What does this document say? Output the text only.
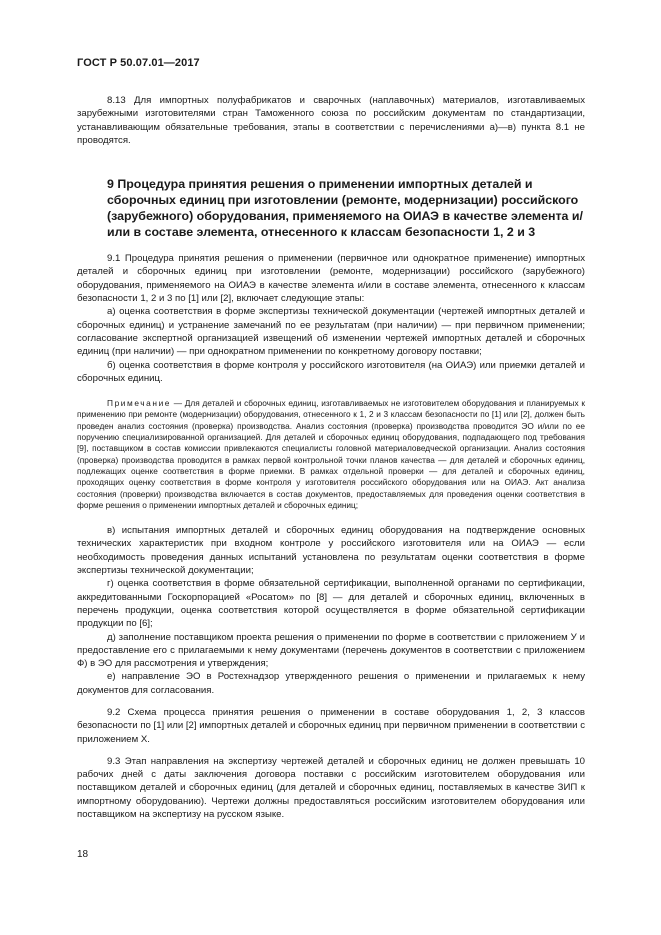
ГОСТ Р 50.07.01—2017

8.13 Для импортных полуфабрикатов и сварочных (наплавочных) материалов, изготавливаемых зарубежными изготовителями стран Таможенного союза по российским документам по стандартизации, устанавливающим обязательные требования, этапы в соответствии с перечислениями а)—в) пункта 8.1 не проводятся.

9 Процедура принятия решения о применении импортных деталей и сборочных единиц при изготовлении (ремонте, модернизации) российского (зарубежного) оборудования, применяемого на ОИАЭ в качестве элемента и/или в составе элемента, отнесенного к классам безопасности 1, 2 и 3

9.1 Процедура принятия решения о применении (первичное или однократное применение) импортных деталей и сборочных единиц при изготовлении (ремонте, модернизации) российского (зарубежного) оборудования, применяемого на ОИАЭ в качестве элемента и/или в составе элемента, отнесенного к классам безопасности 1, 2 и 3 по [1] или [2], включает следующие этапы:

а) оценка соответствия в форме экспертизы технической документации (чертежей импортных деталей и сборочных единиц) и устранение замечаний по ее результатам (при наличии) — при первичном применении; согласование экспертной организацией извещений об изменении чертежей импортных деталей и сборочных единиц (при наличии) — при однократном применении по конкретному договору поставки;

б) оценка соответствия в форме контроля у российского изготовителя (на ОИАЭ) или приемки деталей и сборочных единиц.

Примечание — Для деталей и сборочных единиц, изготавливаемых не изготовителем оборудования и планируемых к применению при ремонте (модернизации) оборудования, отнесенного к 1, 2 и 3 классам безопасности по [1] или [2], должен быть проведен анализ состояния (проверка) производства. Анализ состояния (проверка) производства проводится ЭО и/или по ее поручению специализированной организацией. Для деталей и сборочных единиц оборудования, подпадающего под требования [9], поставщиком в состав комиссии привлекаются специалисты головной материаловедческой организации. Анализ состояния (проверка) производства проводится в рамках первой контрольной точки планов качества — для деталей и сборочных единиц, подлежащих оценке соответствия в форме приемки. В рамках отдельной проверки — для деталей и сборочных единиц, проходящих оценку соответствия в форме контроля у изготовителя российского оборудования или на ОИАЭ. Акт анализа состояния (проверки) производства включается в состав документов, предоставляемых для проведения оценки соответствия в форме решения о применении импортных деталей и сборочных единиц;

в) испытания импортных деталей и сборочных единиц оборудования на подтверждение основных технических характеристик при входном контроле у российского изготовителя или на ОИАЭ — если необходимость проведения данных испытаний установлена по результатам оценки соответствия в форме экспертизы технической документации;

г) оценка соответствия в форме обязательной сертификации, выполненной органами по сертификации, аккредитованными Госкорпорацией «Росатом» по [8] — для деталей и сборочных единиц, включенных в перечень продукции, оценка соответствия которой осуществляется в форме обязательной сертификации продукции по [6];

д) заполнение поставщиком проекта решения о применении по форме в соответствии с приложением У и предоставление его с прилагаемыми к нему документами (перечень документов в соответствии с приложением Ф) в ЭО для рассмотрения и утверждения;

е) направление ЭО в Ростехнадзор утвержденного решения о применении и прилагаемых к нему документов для согласования.

9.2 Схема процесса принятия решения о применении в составе оборудования 1, 2, 3 классов безопасности по [1] или [2] импортных деталей и сборочных единиц при первичном применении в соответствии с приложением Х.

9.3 Этап направления на экспертизу чертежей деталей и сборочных единиц не должен превышать 10 рабочих дней с даты заключения договора поставки с российским изготовителем оборудования или поставщиком деталей и сборочных единиц (для деталей и сборочных единиц, поставляемых в качестве ЗИП к импортному оборудованию). Чертежи должны предоставляться российским изготовителем оборудования или поставщиком на экспертизу на русском языке.

18
